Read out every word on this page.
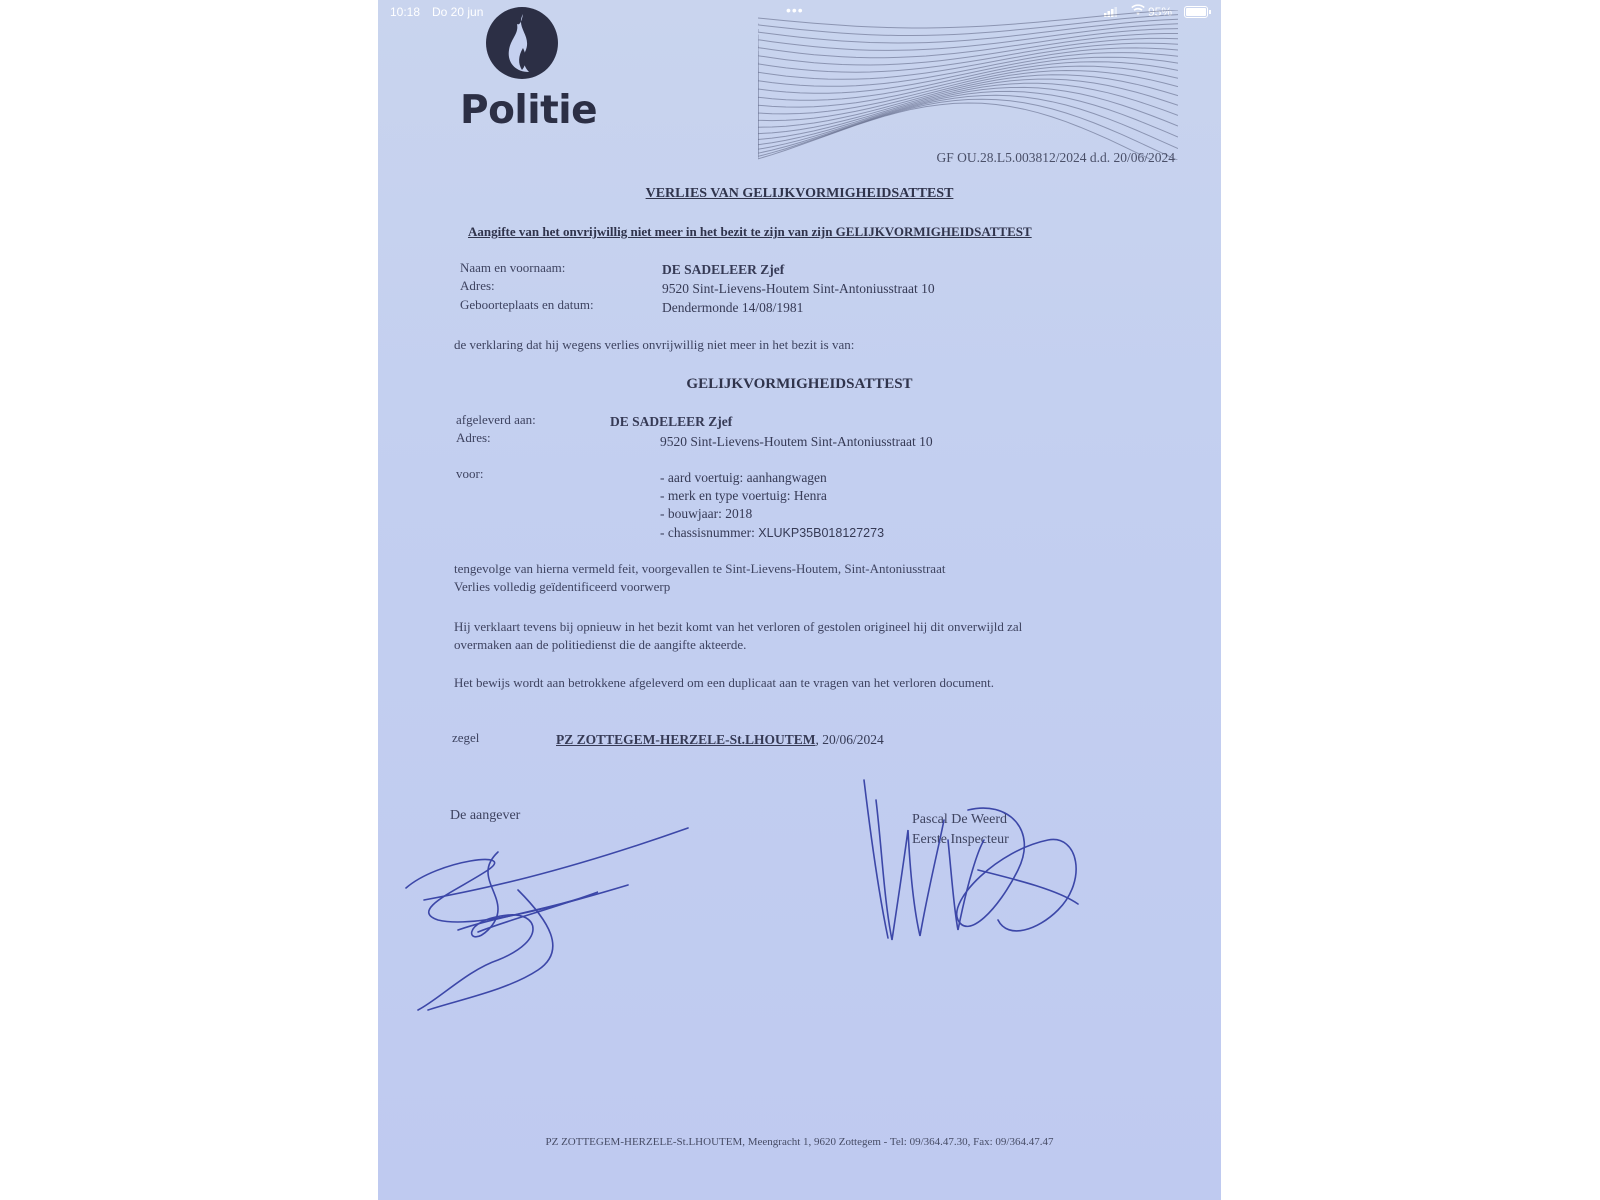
10:18 Do 20 jun	•••	95%
Politie
GF OU.28.L5.003812/2024 d.d. 20/06/2024
VERLIES VAN GELIJKVORMIGHEIDSATTEST
Aangifte van het onvrijwillig niet meer in het bezit te zijn van zijn GELIJKVORMIGHEIDSATTEST
Naam en voornaam:	DE SADELEER Zjef
Adres:	9520 Sint-Lievens-Houtem Sint-Antoniusstraat 10
Geboorteplaats en datum:	Dendermonde 14/08/1981
de verklaring dat hij wegens verlies onvrijwillig niet meer in het bezit is van:
GELIJKVORMIGHEIDSATTEST
afgeleverd aan:	DE SADELEER Zjef
Adres:	9520 Sint-Lievens-Houtem Sint-Antoniusstraat 10
voor:	- aard voertuig: aanhangwagen
- merk en type voertuig: Henra
- bouwjaar: 2018
- chassisnummer: XLUKP35B018127273
tengevolge van hierna vermeld feit, voorgevallen te Sint-Lievens-Houtem, Sint-Antoniusstraat
Verlies volledig geïdentificeerd voorwerp
Hij verklaart tevens bij opnieuw in het bezit komt van het verloren of gestolen origineel hij dit onverwijld zal
overmaken aan de politiedienst die de aangifte akteerde.
Het bewijs wordt aan betrokkene afgeleverd om een duplicaat aan te vragen van het verloren document.
zegel	PZ ZOTTEGEM-HERZELE-St.LHOUTEM, 20/06/2024
De aangever	Pascal De Weerd
Eerste Inspecteur
PZ ZOTTEGEM-HERZELE-St.LHOUTEM, Meengracht 1, 9620 Zottegem - Tel: 09/364.47.30, Fax: 09/364.47.47
